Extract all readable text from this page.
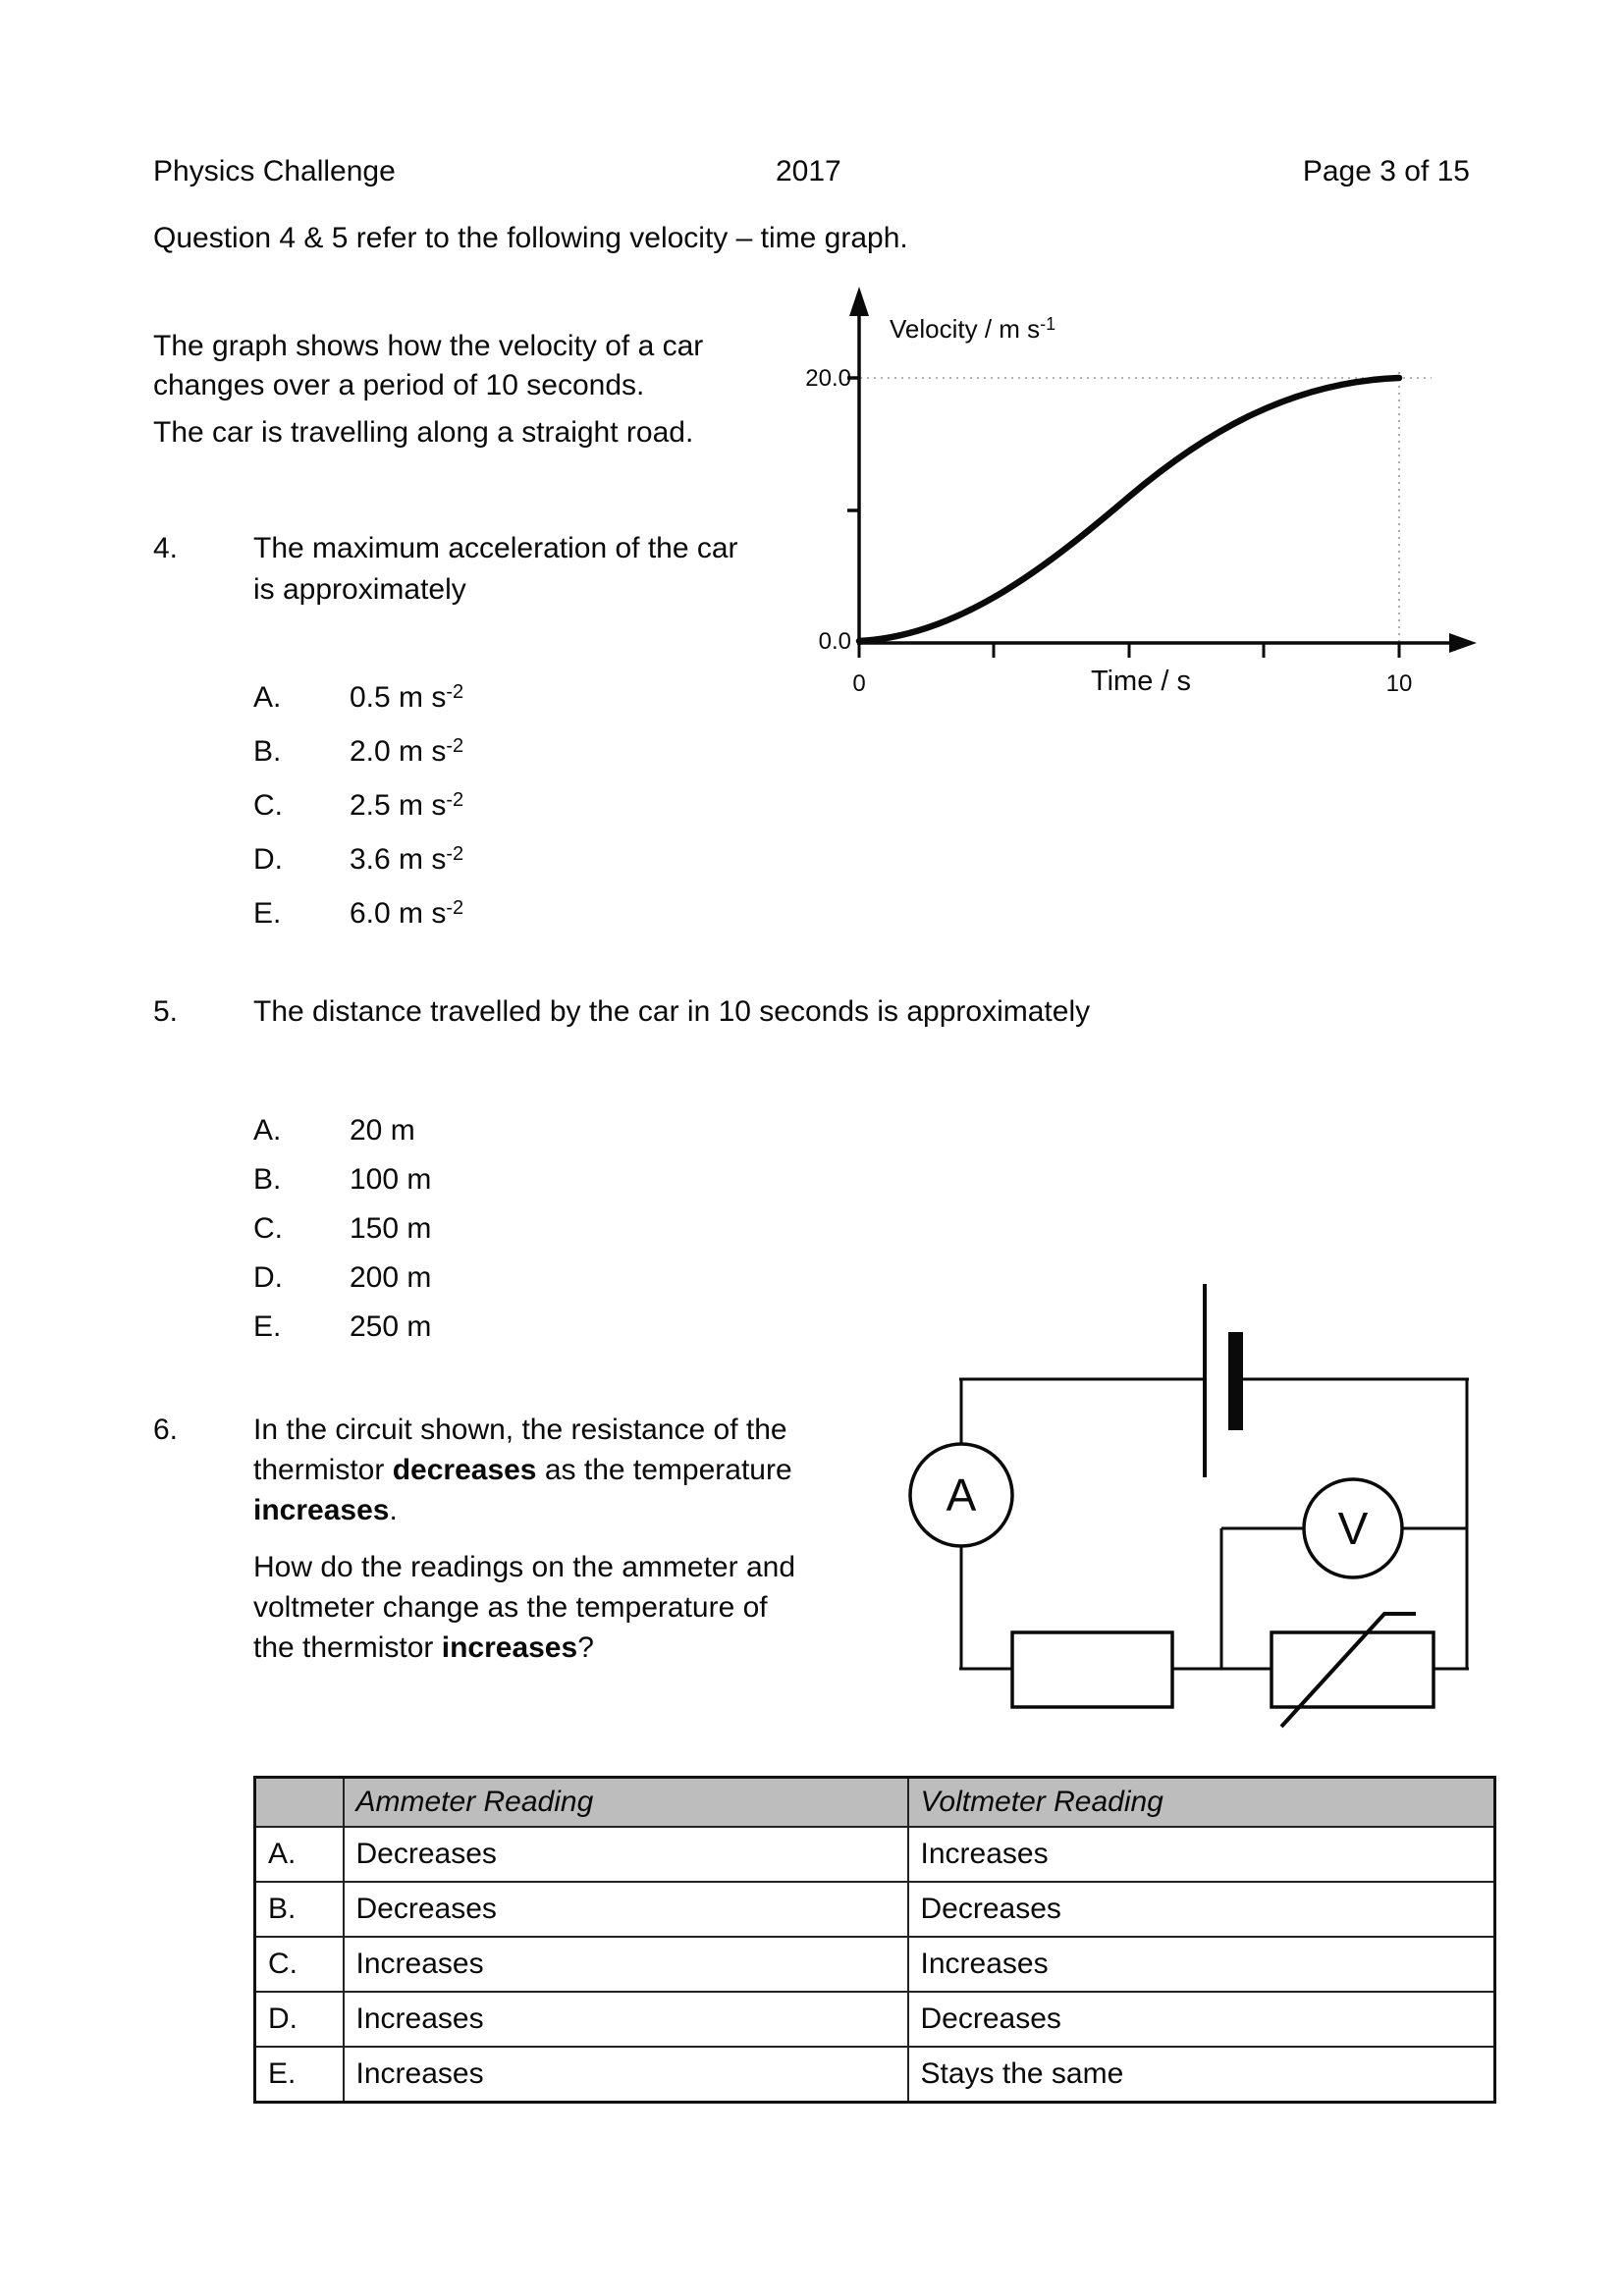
Physics Challenge	2017	Page 3 of 15
Question 4 & 5 refer to the following velocity – time graph.
The graph shows how the velocity of a car
changes over a period of 10 seconds.
The car is travelling along a straight road.
20.0
0.0
0	10
Time / s
Velocity / m $s^{-1}$
4.	The maximum acceleration of the car
is approximately
A. 0.5 m $s^{-2}$
B. 2.0 m $s^{-2}$
C. 2.5 m $s^{-2}$
D. 3.6 m $s^{-2}$
E. 6.0 m $s^{-2}$
5.	The distance travelled by the car in 10 seconds is approximately
A. 20 m
B. 100 m
C. 150 m
D. 200 m
E. 250 m
6.	In the circuit shown, the resistance of the
thermistor decreases as the temperature
increases.
How do the readings on the ammeter and
voltmeter change as the temperature of
the thermistor increases?
A
V
	Ammeter Reading	Voltmeter Reading
A.	Decreases	Increases
B.	Decreases	Decreases
C.	Increases	Increases
D.	Increases	Decreases
E.	Increases	Stays the same
